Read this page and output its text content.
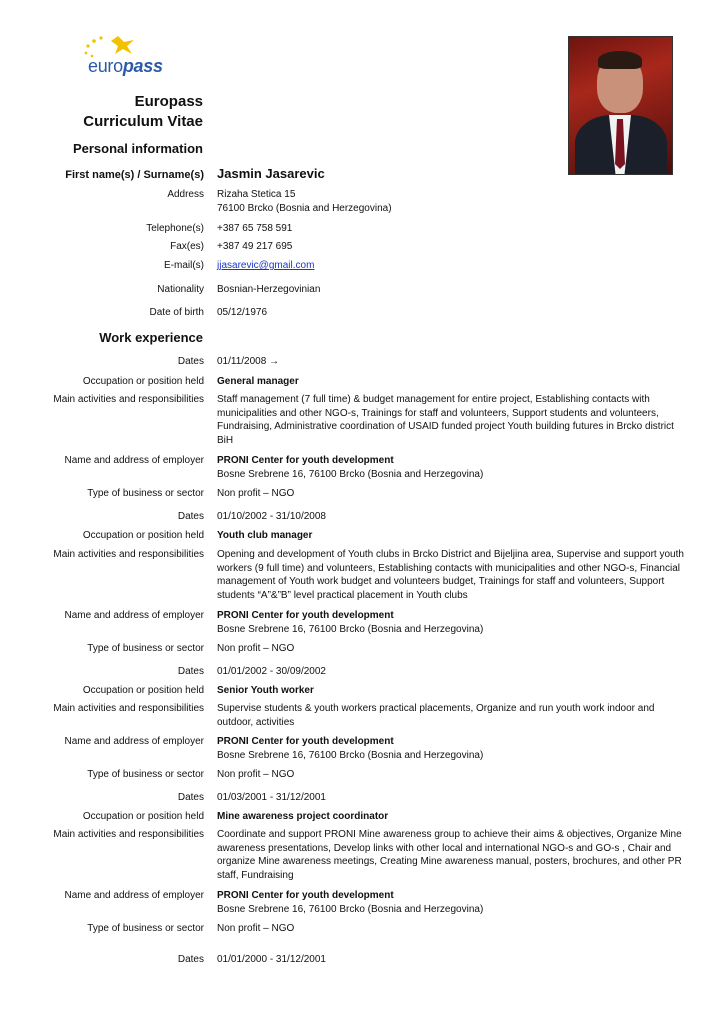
europass
Europass
Curriculum Vitae
Personal information
First name(s) / Surname(s) Jasmin Jasarevic
Address Rizaha Stetica 15
76100 Brcko (Bosnia and Herzegovina)
Telephone(s) +387 65 758 591
Fax(es) +387 49 217 695
E-mail(s) jjasarevic@gmail.com
Nationality Bosnian-Herzegovinian
Date of birth 05/12/1976
Work experience
Dates 01/11/2008 →
Occupation or position held General manager
Main activities and responsibilities Staff management (7 full time) & budget management for entire project, Establishing contacts with municipalities and other NGO-s, Trainings for staff and volunteers, Support students and volunteers, Fundraising, Administrative coordination of USAID funded project Youth building futures in Brcko district BiH
Name and address of employer PRONI Center for youth development
Bosne Srebrene 16, 76100 Brcko (Bosnia and Herzegovina)
Type of business or sector Non profit – NGO
Dates 01/10/2002 - 31/10/2008
Occupation or position held Youth club manager
Main activities and responsibilities Opening and development of Youth clubs in Brcko District and Bijeljina area, Supervise and support youth workers (9 full time) and volunteers, Establishing contacts with municipalities and other NGO-s, Financial management of Youth work budget and volunteers budget, Trainings for staff and volunteers, Support students “A”&”B” level practical placement in Youth clubs
Name and address of employer PRONI Center for youth development
Bosne Srebrene 16, 76100 Brcko (Bosnia and Herzegovina)
Type of business or sector Non profit – NGO
Dates 01/01/2002 - 30/09/2002
Occupation or position held Senior Youth worker
Main activities and responsibilities Supervise students & youth workers practical placements, Organize and run youth work indoor and outdoor, activities
Name and address of employer PRONI Center for youth development
Bosne Srebrene 16, 76100 Brcko (Bosnia and Herzegovina)
Type of business or sector Non profit – NGO
Dates 01/03/2001 - 31/12/2001
Occupation or position held Mine awareness project coordinator
Main activities and responsibilities Coordinate and support PRONI Mine awareness group to achieve their aims & objectives, Organize Mine awareness presentations, Develop links with other local and international NGO-s and GO-s , Chair and organize Mine awareness meetings, Creating Mine awareness manual, posters, brochures, and other PR staff, Fundraising
Name and address of employer PRONI Center for youth development
Bosne Srebrene 16, 76100 Brcko (Bosnia and Herzegovina)
Type of business or sector Non profit – NGO
Dates 01/01/2000 - 31/12/2001
